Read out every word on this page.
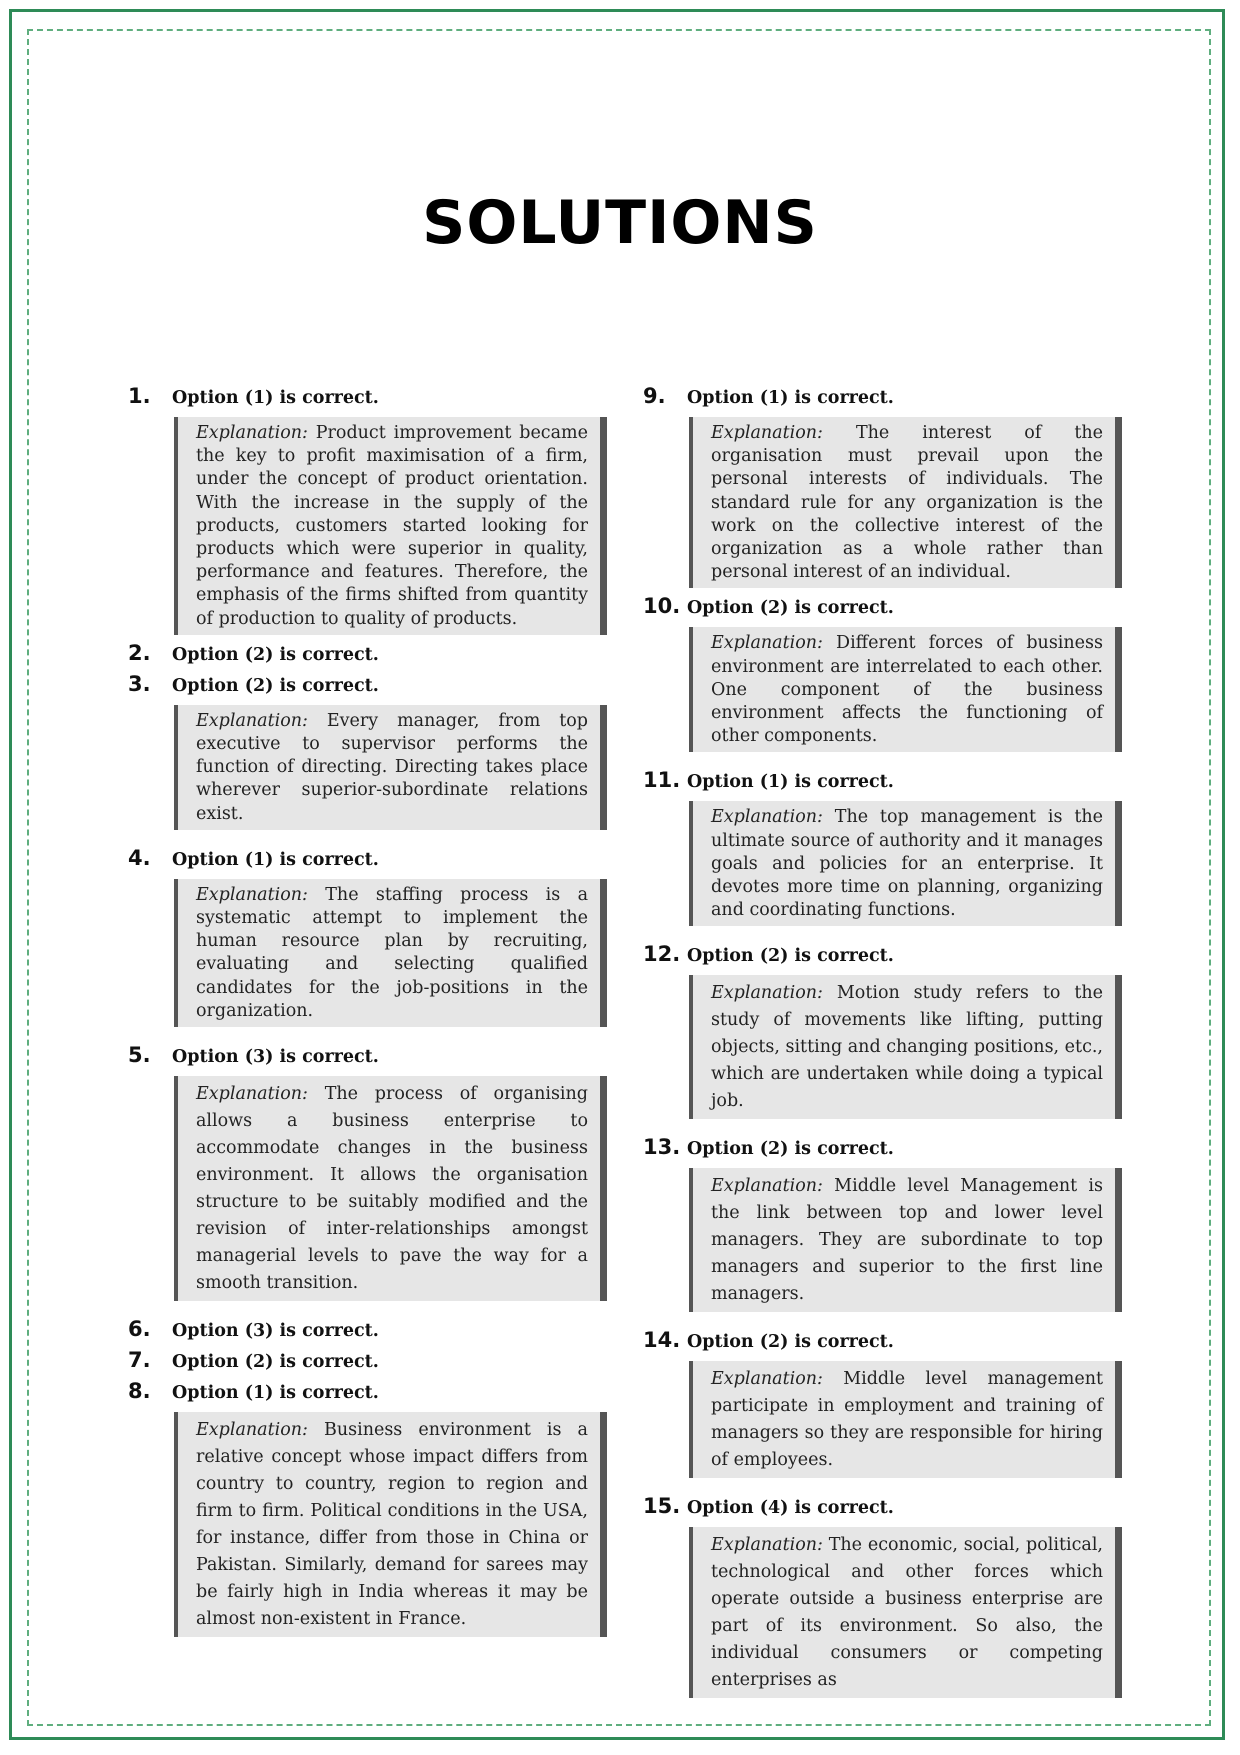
SOLUTIONS
1.	Option (1) is correct.
Explanation: Product improvement became the key to profit maximisation of a firm, under the concept of product orientation. With the increase in the supply of the products, customers started looking for products which were superior in quality, performance and features. Therefore, the emphasis of the firms shifted from quantity of production to quality of products.
2.	Option (2) is correct.
3.	Option (2) is correct.
Explanation: Every manager, from top executive to supervisor performs the function of directing. Directing takes place wherever superior-subordinate relations exist.
4.	Option (1) is correct.
Explanation: The staffing process is a systematic attempt to implement the human resource plan by recruiting, evaluating and selecting qualified candidates for the job-positions in the organization.
5.	Option (3) is correct.
Explanation: The process of organising allows a business enterprise to accommodate changes in the business environment. It allows the organisation structure to be suitably modified and the revision of inter-relationships amongst managerial levels to pave the way for a smooth transition.
6.	Option (3) is correct.
7.	Option (2) is correct.
8.	Option (1) is correct.
Explanation: Business environment is a relative concept whose impact differs from country to country, region to region and firm to firm. Political conditions in the USA, for instance, differ from those in China or Pakistan. Similarly, demand for sarees may be fairly high in India whereas it may be almost non-existent in France.
9.	Option (1) is correct.
Explanation: The interest of the organisation must prevail upon the personal interests of individuals. The standard rule for any organization is the work on the collective interest of the organization as a whole rather than personal interest of an individual.
10. Option (2) is correct.
Explanation: Different forces of business environment are interrelated to each other. One component of the business environment affects the functioning of other components.
11. Option (1) is correct.
Explanation: The top management is the ultimate source of authority and it manages goals and policies for an enterprise. It devotes more time on planning, organizing and coordinating functions.
12. Option (2) is correct.
Explanation: Motion study refers to the study of movements like lifting, putting objects, sitting and changing positions, etc., which are undertaken while doing a typical job.
13. Option (2) is correct.
Explanation: Middle level Management is the link between top and lower level managers. They are subordinate to top managers and superior to the first line managers.
14. Option (2) is correct.
Explanation: Middle level management participate in employment and training of managers so they are responsible for hiring of employees.
15. Option (4) is correct.
Explanation: The economic, social, political, technological and other forces which operate outside a business enterprise are part of its environment. So also, the individual consumers or competing enterprises as
